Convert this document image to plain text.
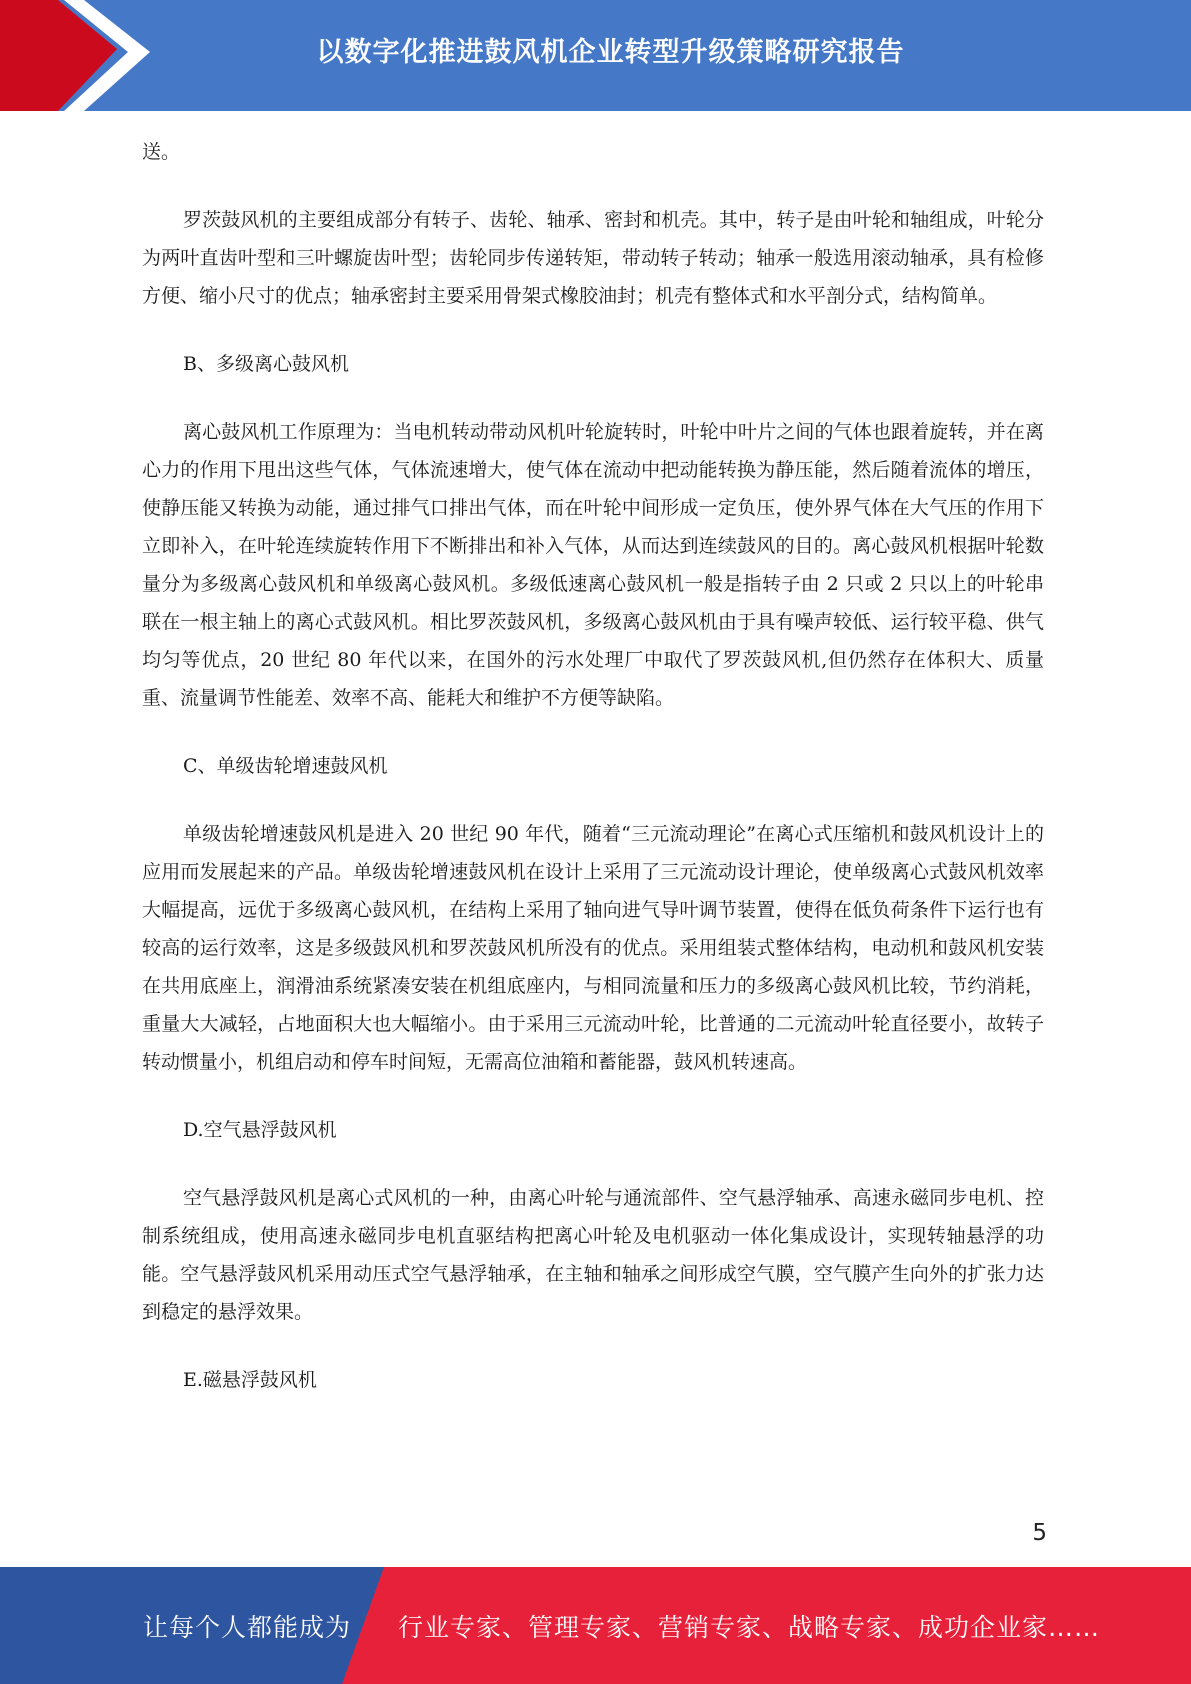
以数字化推进鼓风机企业转型升级策略研究报告

送。

罗茨鼓风机的主要组成部分有转子、齿轮、轴承、密封和机壳。其中，转子是由叶轮和轴组成，叶轮分为两叶直齿叶型和三叶螺旋齿叶型；齿轮同步传递转矩，带动转子转动；轴承一般选用滚动轴承，具有检修方便、缩小尺寸的优点；轴承密封主要采用骨架式橡胶油封；机壳有整体式和水平剖分式，结构简单。

B、多级离心鼓风机

离心鼓风机工作原理为：当电机转动带动风机叶轮旋转时，叶轮中叶片之间的气体也跟着旋转，并在离心力的作用下甩出这些气体，气体流速增大，使气体在流动中把动能转换为静压能，然后随着流体的增压，使静压能又转换为动能，通过排气口排出气体，而在叶轮中间形成一定负压，使外界气体在大气压的作用下立即补入，在叶轮连续旋转作用下不断排出和补入气体，从而达到连续鼓风的目的。离心鼓风机根据叶轮数量分为多级离心鼓风机和单级离心鼓风机。多级低速离心鼓风机一般是指转子由 2 只或 2 只以上的叶轮串联在一根主轴上的离心式鼓风机。相比罗茨鼓风机，多级离心鼓风机由于具有噪声较低、运行较平稳、供气均匀等优点，20 世纪 80 年代以来，在国外的污水处理厂中取代了罗茨鼓风机,但仍然存在体积大、质量重、流量调节性能差、效率不高、能耗大和维护不方便等缺陷。

C、单级齿轮增速鼓风机

单级齿轮增速鼓风机是进入 20 世纪 90 年代，随着“三元流动理论”在离心式压缩机和鼓风机设计上的应用而发展起来的产品。单级齿轮增速鼓风机在设计上采用了三元流动设计理论，使单级离心式鼓风机效率大幅提高，远优于多级离心鼓风机，在结构上采用了轴向进气导叶调节装置，使得在低负荷条件下运行也有较高的运行效率，这是多级鼓风机和罗茨鼓风机所没有的优点。采用组装式整体结构，电动机和鼓风机安装在共用底座上，润滑油系统紧凑安装在机组底座内，与相同流量和压力的多级离心鼓风机比较，节约消耗，重量大大减轻，占地面积大也大幅缩小。由于采用三元流动叶轮，比普通的二元流动叶轮直径要小，故转子转动惯量小，机组启动和停车时间短，无需高位油箱和蓄能器，鼓风机转速高。

D.空气悬浮鼓风机

空气悬浮鼓风机是离心式风机的一种，由离心叶轮与通流部件、空气悬浮轴承、高速永磁同步电机、控制系统组成，使用高速永磁同步电机直驱结构把离心叶轮及电机驱动一体化集成设计，实现转轴悬浮的功能。空气悬浮鼓风机采用动压式空气悬浮轴承，在主轴和轴承之间形成空气膜，空气膜产生向外的扩张力达到稳定的悬浮效果。

E.磁悬浮鼓风机

5
让每个人都能成为 行业专家、管理专家、营销专家、战略专家、成功企业家……
